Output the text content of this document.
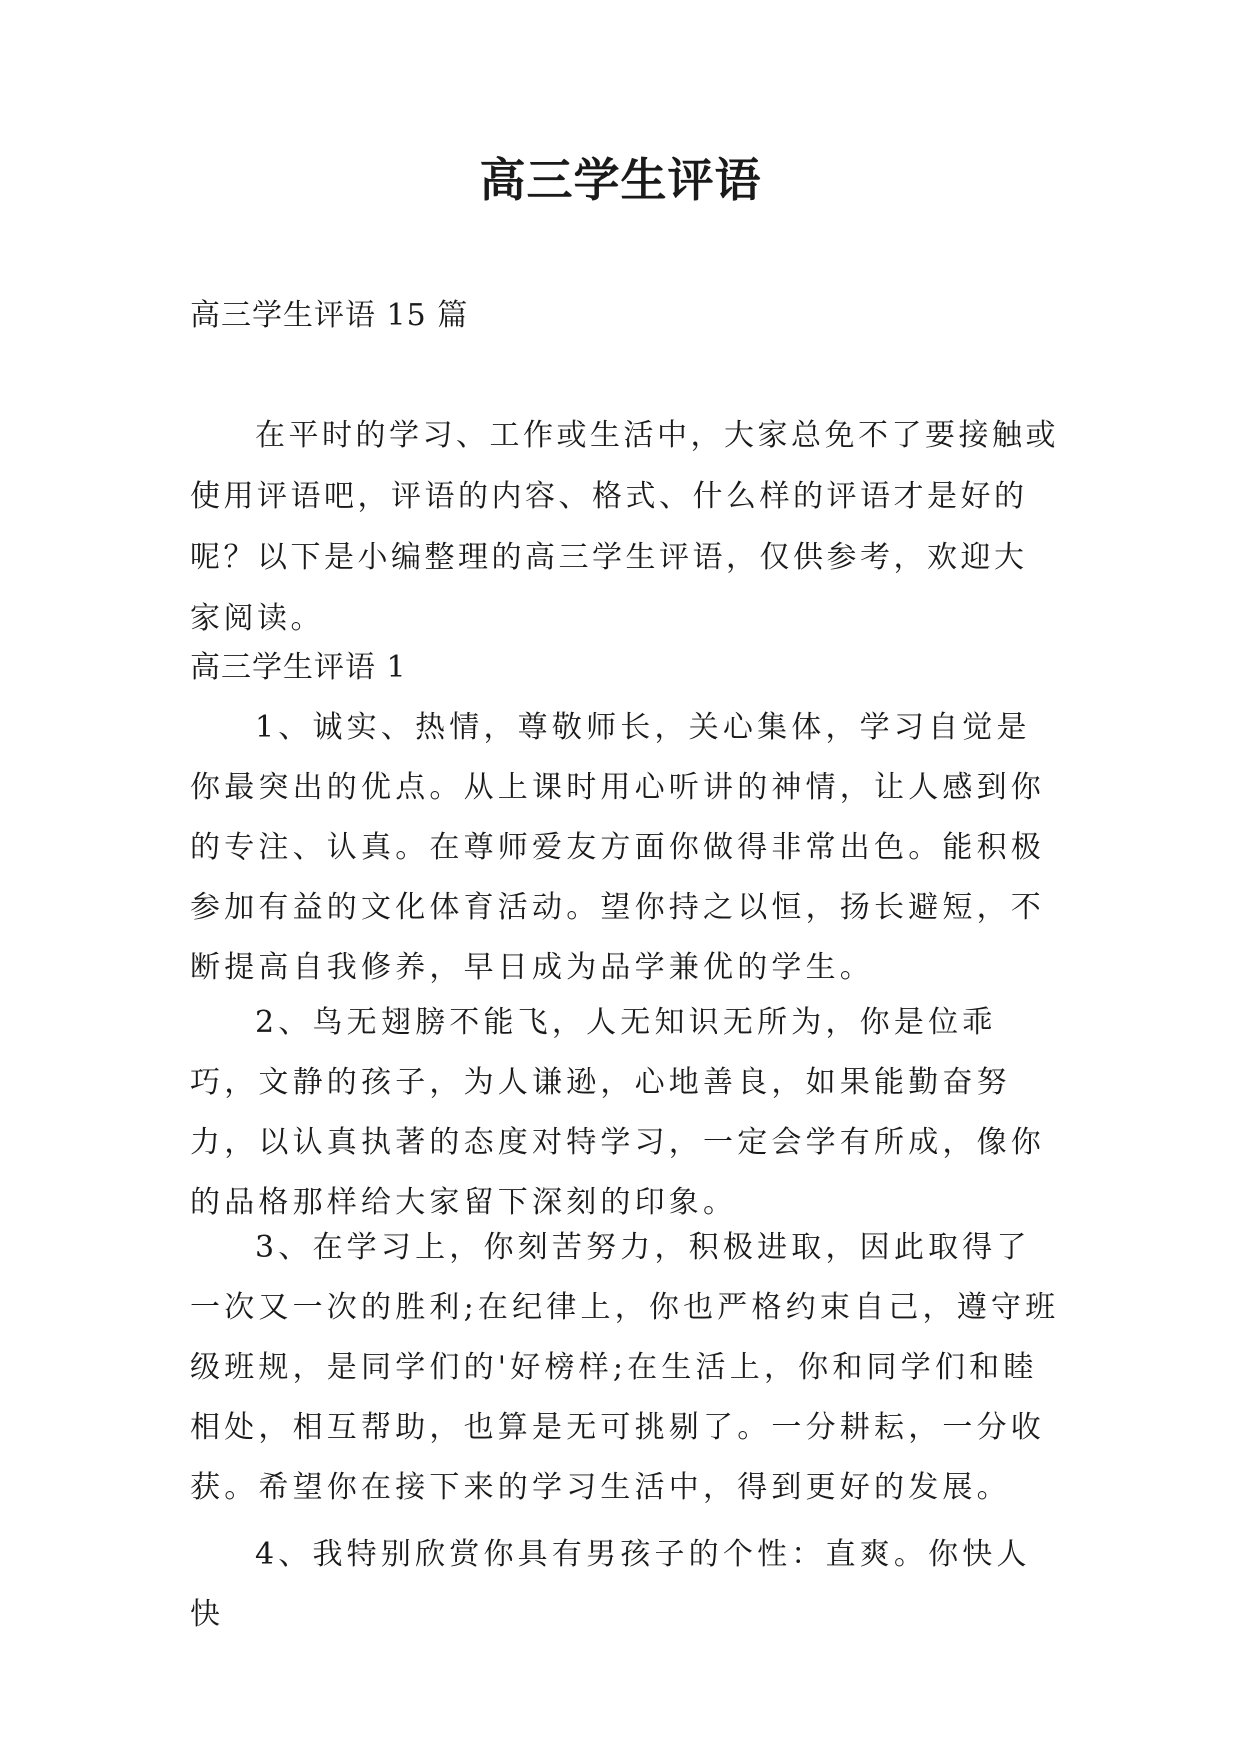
高三学生评语
高三学生评语 15 篇
在平时的学习、工作或生活中，大家总免不了要接触或使用评语吧，评语的内容、格式、什么样的评语才是好的呢？以下是小编整理的高三学生评语，仅供参考，欢迎大家阅读。
高三学生评语 1
1、诚实、热情，尊敬师长，关心集体，学习自觉是你最突出的优点。从上课时用心听讲的神情，让人感到你的专注、认真。在尊师爱友方面你做得非常出色。能积极参加有益的文化体育活动。望你持之以恒，扬长避短，不断提高自我修养，早日成为品学兼优的学生。
2、鸟无翅膀不能飞，人无知识无所为，你是位乖巧，文静的孩子，为人谦逊，心地善良，如果能勤奋努力，以认真执著的态度对特学习，一定会学有所成，像你的品格那样给大家留下深刻的印象。
3、在学习上，你刻苦努力，积极进取，因此取得了一次又一次的胜利;在纪律上，你也严格约束自己，遵守班级班规，是同学们的'好榜样;在生活上，你和同学们和睦相处，相互帮助，也算是无可挑剔了。一分耕耘，一分收获。希望你在接下来的学习生活中，得到更好的发展。
4、我特别欣赏你具有男孩子的个性：直爽。你快人快
